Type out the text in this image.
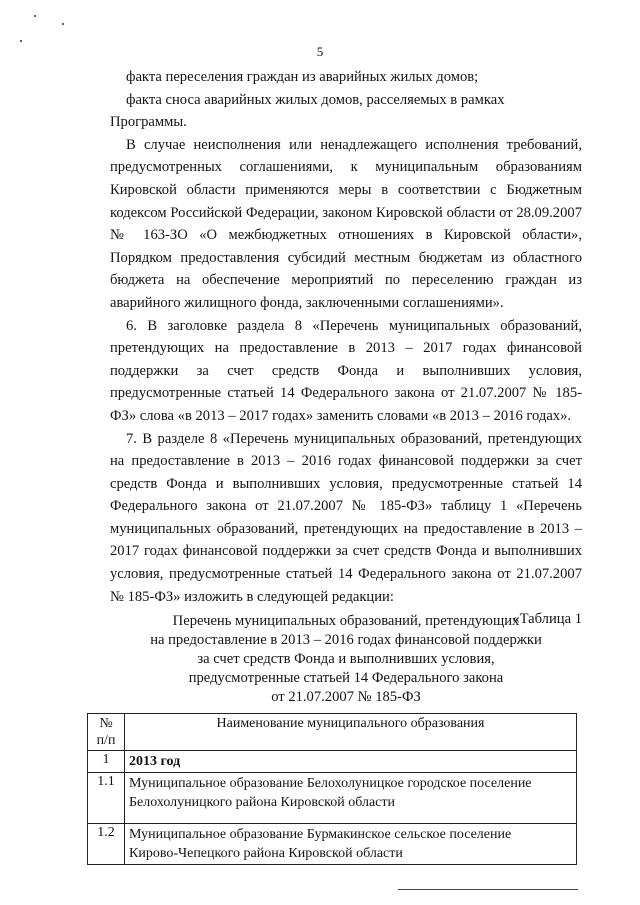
5

факта переселения граждан из аварийных жилых домов;

факта сноса аварийных жилых домов, расселяемых в рамках Программы.

В случае неисполнения или ненадлежащего исполнения требований, предусмотренных соглашениями, к муниципальным образованиям Кировской области применяются меры в соответствии с Бюджетным кодексом Российской Федерации, законом Кировской области от 28.09.2007 № 163-ЗО «О межбюджетных отношениях в Кировской области», Порядком предоставления субсидий местным бюджетам из областного бюджета на обеспечение мероприятий по переселению граждан из аварийного жилищного фонда, заключенными соглашениями».

6. В заголовке раздела 8 «Перечень муниципальных образований, претендующих на предоставление в 2013 – 2017 годах финансовой поддержки за счет средств Фонда и выполнивших условия, предусмотренные статьей 14 Федерального закона от 21.07.2007 № 185-ФЗ» слова «в 2013 – 2017 годах» заменить словами «в 2013 – 2016 годах».

7. В разделе 8 «Перечень муниципальных образований, претендующих на предоставление в 2013 – 2016 годах финансовой поддержки за счет средств Фонда и выполнивших условия, предусмотренные статьей 14 Федерального закона от 21.07.2007 № 185-ФЗ» таблицу 1 «Перечень муниципальных образований, претендующих на предоставление в 2013 – 2017 годах финансовой поддержки за счет средств Фонда и выполнивших условия, предусмотренные статьей 14 Федерального закона от 21.07.2007 № 185-ФЗ» изложить в следующей редакции:

«Таблица 1

Перечень муниципальных образований, претендующих
на предоставление в 2013 – 2016 годах финансовой поддержки
за счет средств Фонда и выполнивших условия,
предусмотренные статьей 14 Федерального закона
от 21.07.2007 № 185-ФЗ
№
п/п	Наименование муниципального образования
1	2013 год
1.1	Муниципальное образование Белохолуницкое городское поселение
Белохолуницкого района Кировской области

1.2	Муниципальное образование Бурмакинское сельское поселение
Кирово-Чепецкого района Кировской области
